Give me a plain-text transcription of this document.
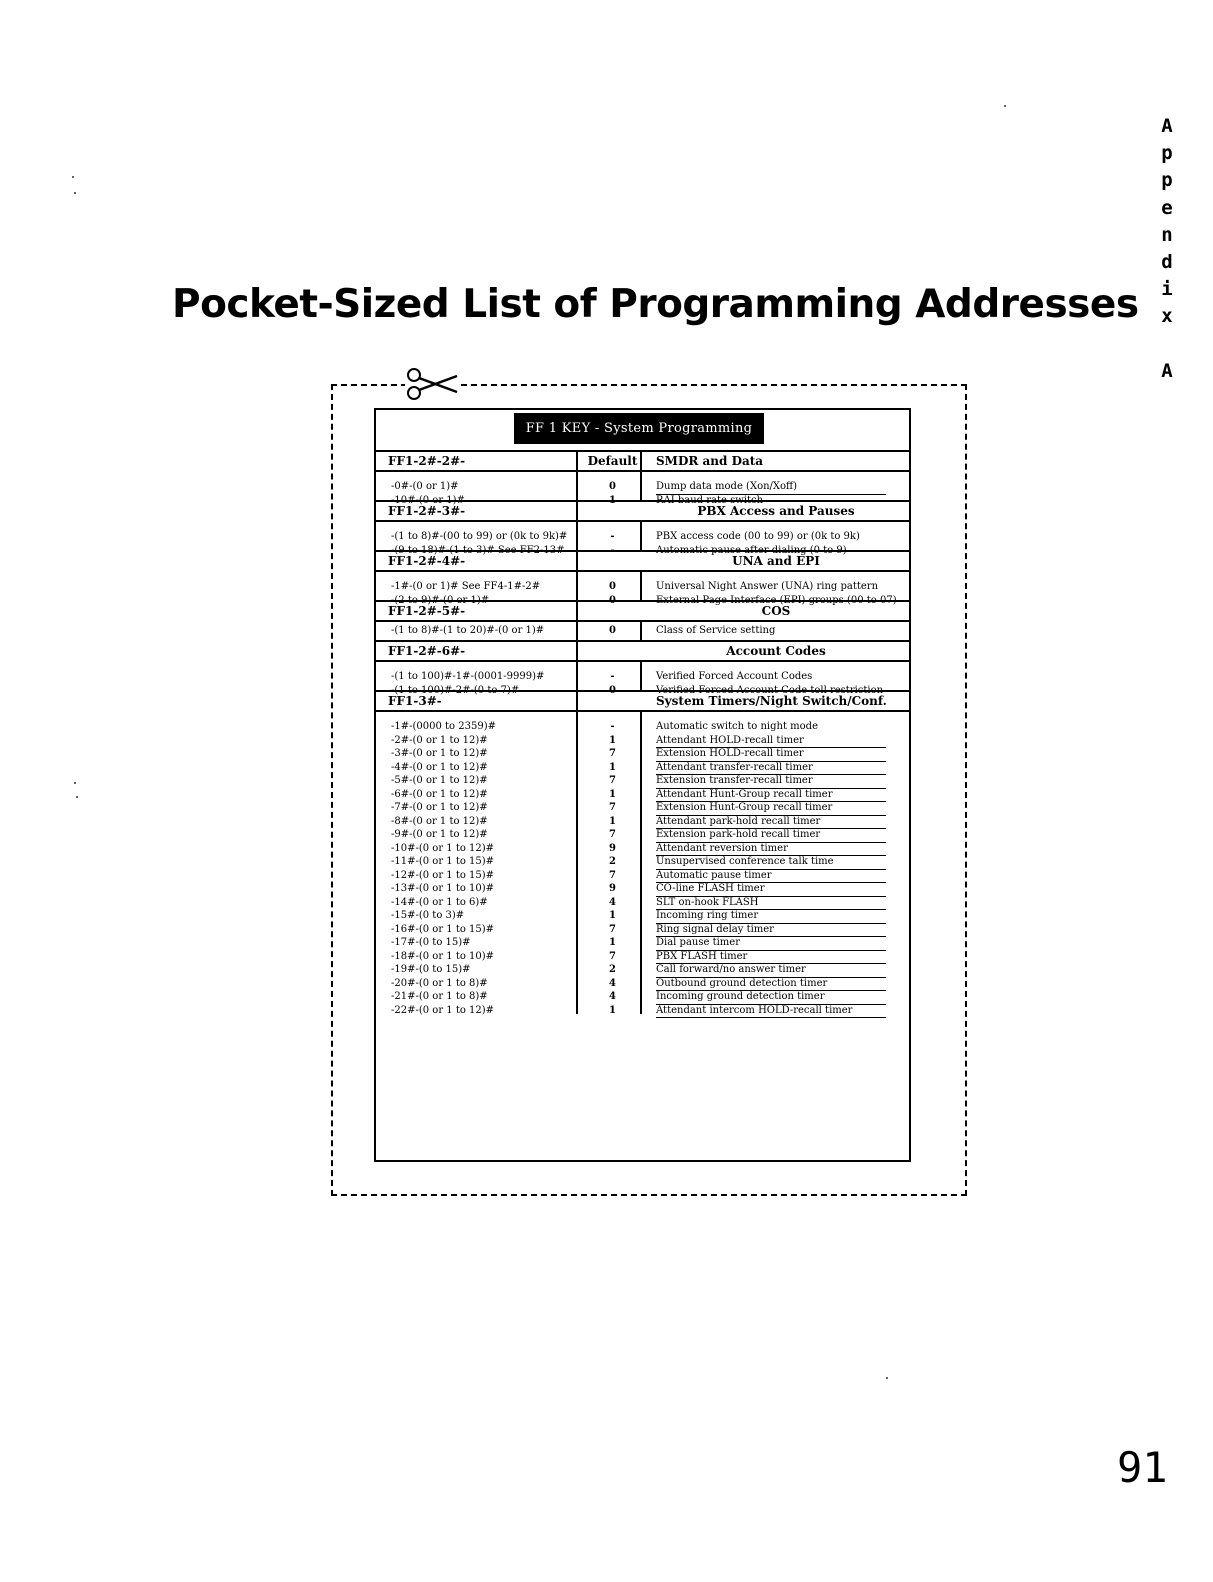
A
p
p
e
n
d
i
x
A
Pocket-Sized List of Programming Addresses
FF 1 KEY - System Programming
FF1-2#-2#-	Default	SMDR and Data
-0#-(0 or 1)#	0	Dump data mode (Xon/Xoff)
-10#-(0 or 1)#	1	RAI baud rate switch
FF1-2#-3#-	PBX Access and Pauses
-(1 to 8)#-(00 to 99) or (0k to 9k)#	-	PBX access code (00 to 99) or (0k to 9k)
-(9 to 18)#-(1 to 3)# See FF2-13#	-	Automatic pause after dialing (0 to 9)
FF1-2#-4#-	UNA and EPI
-1#-(0 or 1)# See FF4-1#-2#	0	Universal Night Answer (UNA) ring pattern
-(2 to 9)#-(0 or 1)#	0	External Page Interface (EPI) groups (00 to 07)
FF1-2#-5#-	COS
-(1 to 8)#-(1 to 20)#-(0 or 1)#	0	Class of Service setting
FF1-2#-6#-	Account Codes
-(1 to 100)#-1#-(0001-9999)#	-	Verified Forced Account Codes
-(1 to 100)#-2#-(0 to 7)#	0	Verified Forced Account Code toll restriction
FF1-3#-	System Timers/Night Switch/Conf.
-1#-(0000 to 2359)#	-	Automatic switch to night mode
-2#-(0 or 1 to 12)#	1	Attendant HOLD-recall timer
-3#-(0 or 1 to 12)#	7	Extension HOLD-recall timer
-4#-(0 or 1 to 12)#	1	Attendant transfer-recall timer
-5#-(0 or 1 to 12)#	7	Extension transfer-recall timer
-6#-(0 or 1 to 12)#	1	Attendant Hunt-Group recall timer
-7#-(0 or 1 to 12)#	7	Extension Hunt-Group recall timer
-8#-(0 or 1 to 12)#	1	Attendant park-hold recall timer
-9#-(0 or 1 to 12)#	7	Extension park-hold recall timer
-10#-(0 or 1 to 12)#	9	Attendant reversion timer
-11#-(0 or 1 to 15)#	2	Unsupervised conference talk time
-12#-(0 or 1 to 15)#	7	Automatic pause timer
-13#-(0 or 1 to 10)#	9	CO-line FLASH timer
-14#-(0 or 1 to 6)#	4	SLT on-hook FLASH
-15#-(0 to 3)#	1	Incoming ring timer
-16#-(0 or 1 to 15)#	7	Ring signal delay timer
-17#-(0 to 15)#	1	Dial pause timer
-18#-(0 or 1 to 10)#	7	PBX FLASH timer
-19#-(0 to 15)#	2	Call forward/no answer timer
-20#-(0 or 1 to 8)#	4	Outbound ground detection timer
-21#-(0 or 1 to 8)#	4	Incoming ground detection timer
-22#-(0 or 1 to 12)#	1	Attendant intercom HOLD-recall timer
91
